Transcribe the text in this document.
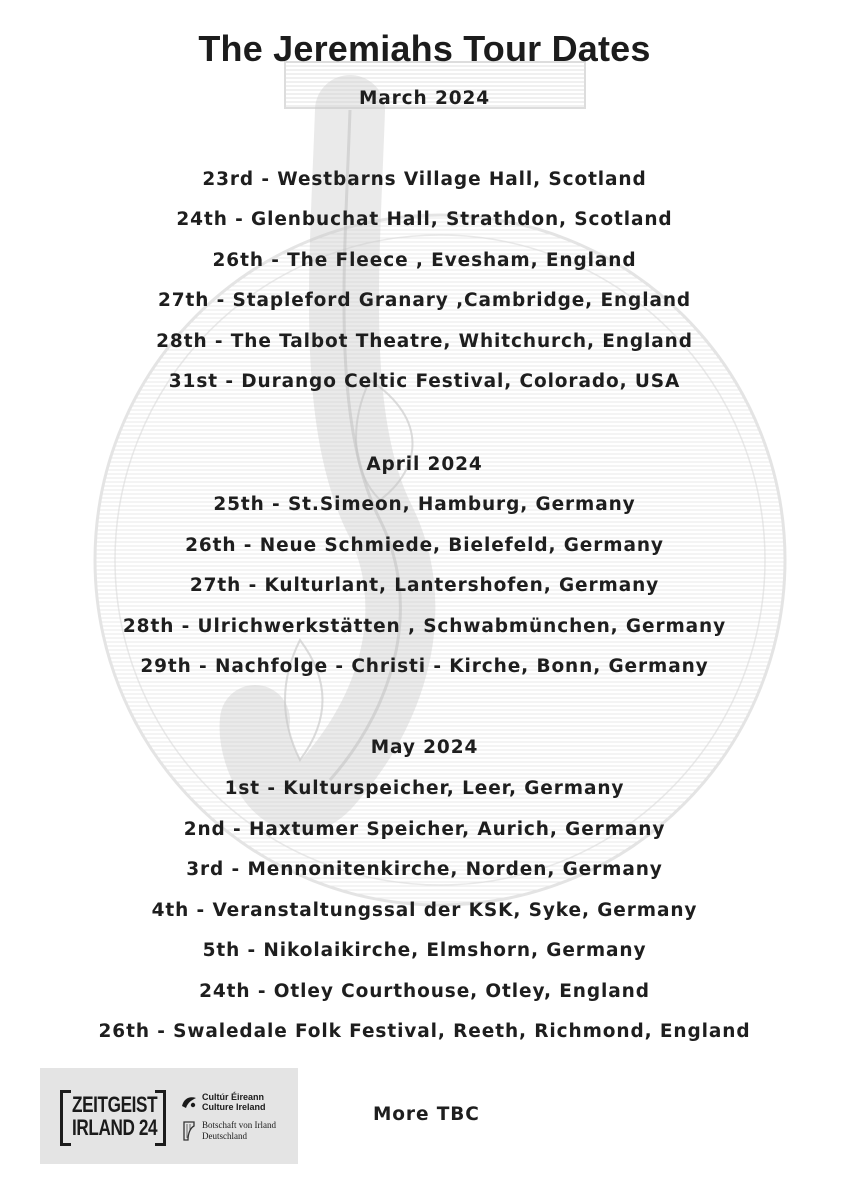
The Jeremiahs Tour Dates
March 2024
23rd - Westbarns Village Hall, Scotland
24th - Glenbuchat Hall, Strathdon, Scotland
26th - The Fleece , Evesham, England
27th - Stapleford Granary ,Cambridge, England
28th - The Talbot Theatre, Whitchurch, England
31st - Durango Celtic Festival, Colorado, USA
April 2024
25th - St.Simeon, Hamburg, Germany
26th - Neue Schmiede, Bielefeld, Germany
27th - Kulturlant, Lantershofen, Germany
28th - Ulrichwerkstätten , Schwabmünchen, Germany
29th - Nachfolge - Christi - Kirche, Bonn, Germany
May 2024
1st - Kulturspeicher, Leer, Germany
2nd - Haxtumer Speicher, Aurich, Germany
3rd - Mennonitenkirche, Norden, Germany
4th - Veranstaltungssal der KSK, Syke, Germany
5th - Nikolaikirche, Elmshorn, Germany
24th - Otley Courthouse, Otley, England
26th - Swaledale Folk Festival, Reeth, Richmond, England
ZEITGEIST
IRLAND 24
Cultúr Éireann
Culture Ireland
Botschaft von Irland
Deutschland
More TBC
